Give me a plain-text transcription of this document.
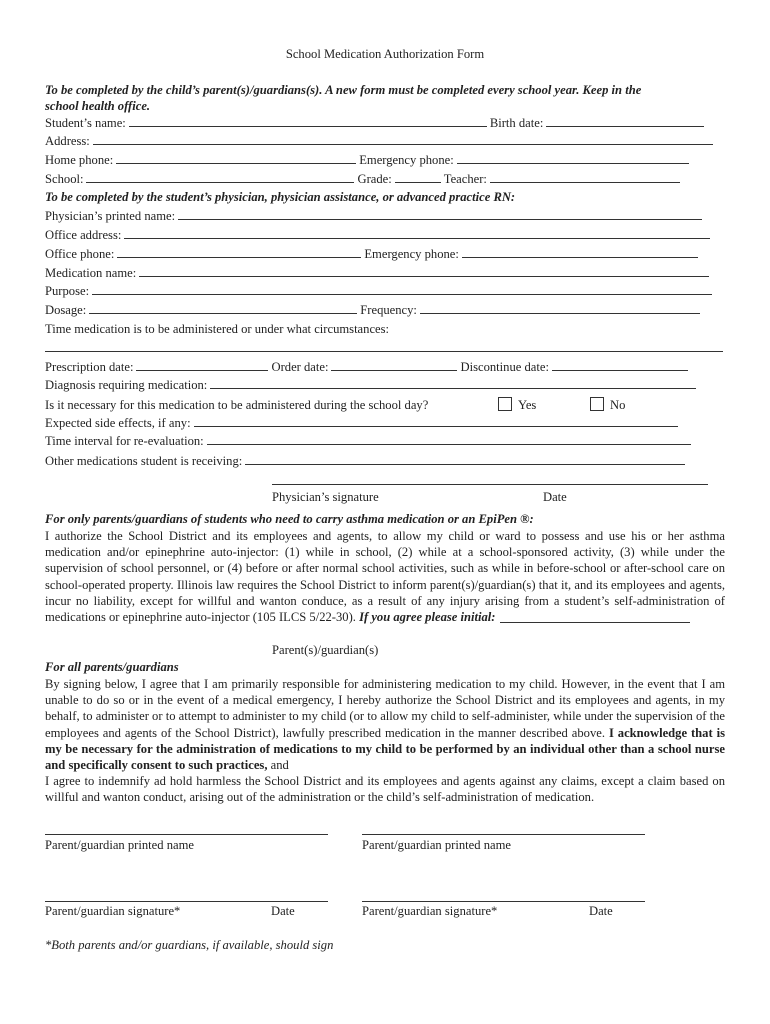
School Medication Authorization Form
To be completed by the child’s parent(s)/guardians(s). A new form must be completed every school year. Keep in the
school health office.
Student’s name:	Birth date:
Address:
Home phone:	Emergency phone:
School:	Grade:	Teacher:
To be completed by the student’s physician, physician assistance, or advanced practice RN:
Physician’s printed name:
Office address:
Office phone:	Emergency phone:
Medication name:
Purpose:
Dosage:	Frequency:
Time medication is to be administered or under what circumstances:
Prescription date:	Order date:	Discontinue date:
Diagnosis requiring medication:
Is it necessary for this medication to be administered during the school day?	Yes	No
Expected side effects, if any:
Time interval for re-evaluation:
Other medications student is receiving:
Physician’s signature	Date
For only parents/guardians of students who need to carry asthma medication or an EpiPen ®:
I authorize the School District and its employees and agents, to allow my child or ward to possess and use his or her asthma medication and/or epinephrine auto-injector: (1) while in school, (2) while at a school-sponsored activity, (3) while under the supervision of school personnel, or (4) before or after normal school activities, such as while in before-school or after-school care on school-operated property. Illinois law requires the School District to inform parent(s)/guardian(s) that it, and its employees and agents, incur no liability, except for willful and wanton conduce, as a result of any injury arising from a student’s self-administration of medications or epinephrine auto-injector (105 ILCS 5/22-30). If you agree please initial:
Parent(s)/guardian(s)
For all parents/guardians
By signing below, I agree that I am primarily responsible for administering medication to my child. However, in the event that I am unable to do so or in the event of a medical emergency, I hereby authorize the School District and its employees and agents, in my behalf, to administer or to attempt to administer to my child (or to allow my child to self-administer, while under the supervision of the employees and agents of the School District), lawfully prescribed medication in the manner described above. I acknowledge that is my be necessary for the administration of medications to my child to be performed by an individual other than a school nurse and specifically consent to such practices, and
I agree to indemnify ad hold harmless the School District and its employees and agents against any claims, except a claim based on willful and wanton conduct, arising out of the administration or the child’s self-administration of medication.
Parent/guardian printed name	Parent/guardian printed name
Parent/guardian signature*	Date	Parent/guardian signature*	Date
*Both parents and/or guardians, if available, should sign
